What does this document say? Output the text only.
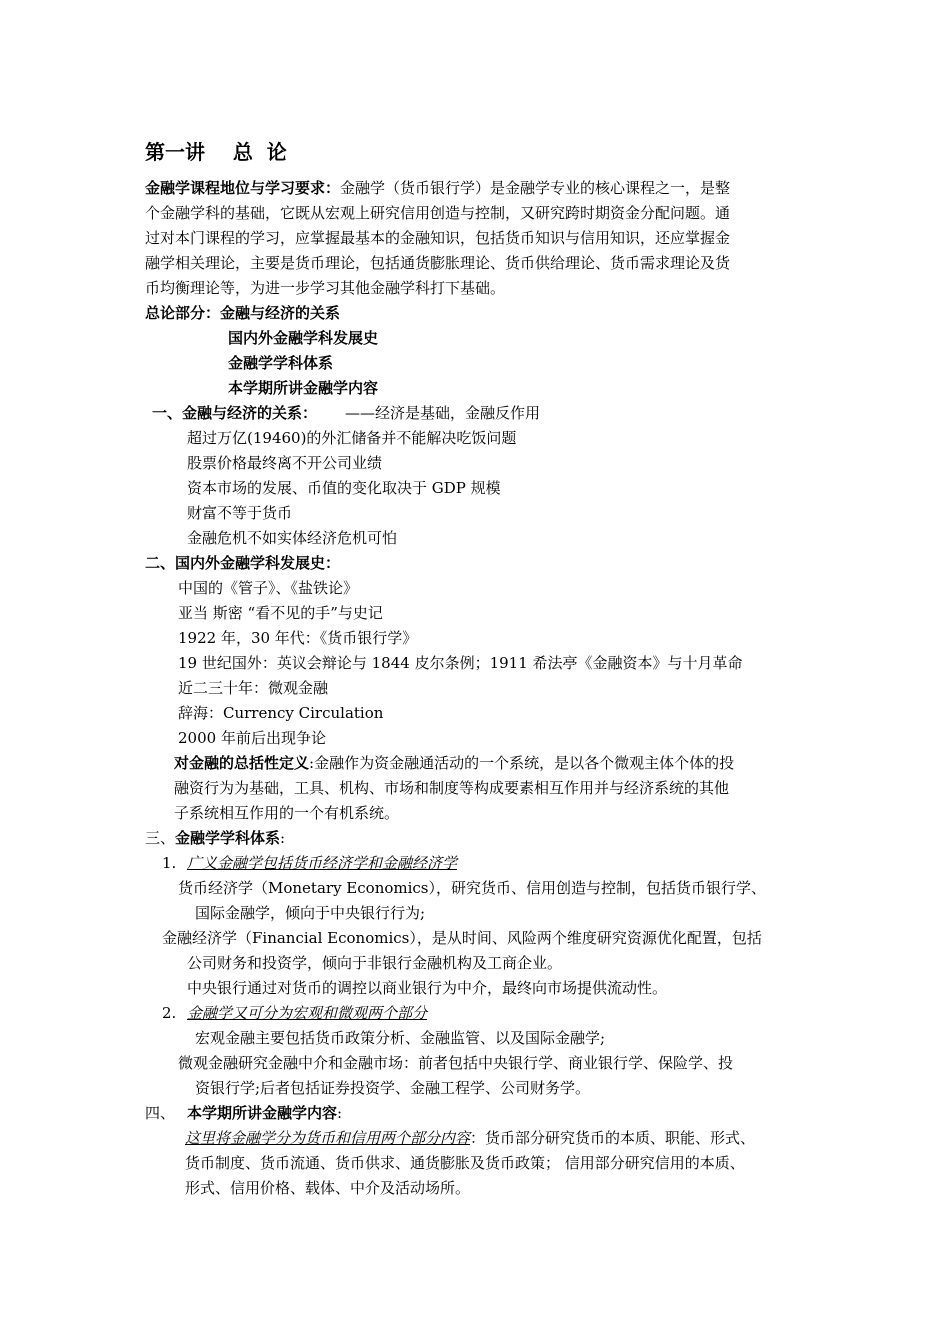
第一讲    总  论
金融学课程地位与学习要求：金融学（货币银行学）是金融学专业的核心课程之一，是整
个金融学科的基础，它既从宏观上研究信用创造与控制，又研究跨时期资金分配问题。通
过对本门课程的学习，应掌握最基本的金融知识，包括货币知识与信用知识，还应掌握金
融学相关理论，主要是货币理论，包括通货膨胀理论、货币供给理论、货币需求理论及货
币均衡理论等，为进一步学习其他金融学科打下基础。
总论部分：金融与经济的关系
国内外金融学科发展史
金融学学科体系
本学期所讲金融学内容
一、金融与经济的关系： ——经济是基础，金融反作用
超过万亿(19460)的外汇储备并不能解决吃饭问题
股票价格最终离不开公司业绩
资本市场的发展、币值的变化取决于 GDP 规模
财富不等于货币
金融危机不如实体经济危机可怕
二、国内外金融学科发展史：
中国的《管子》、《盐铁论》
亚当 斯密 “看不见的手”与史记
1922 年，30 年代：《货币银行学》
19 世纪国外：英议会辩论与 1844 皮尔条例；1911 希法亭《金融资本》与十月革命
近二三十年：微观金融
辞海：Currency Circulation
2000 年前后出现争论
对金融的总括性定义:金融作为资金融通活动的一个系统，是以各个微观主体个体的投
融资行为为基础，工具、机构、市场和制度等构成要素相互作用并与经济系统的其他
子系统相互作用的一个有机系统。
三、金融学学科体系:
1. 广义金融学包括货币经济学和金融经济学
货币经济学（Monetary Economics），研究货币、信用创造与控制，包括货币银行学、
国际金融学，倾向于中央银行行为;
金融经济学（Financial Economics），是从时间、风险两个维度研究资源优化配置，包括
公司财务和投资学，倾向于非银行金融机构及工商企业。
中央银行通过对货币的调控以商业银行为中介，最终向市场提供流动性。
2. 金融学又可分为宏观和微观两个部分
宏观金融主要包括货币政策分析、金融监管、以及国际金融学;
微观金融研究金融中介和金融市场：前者包括中央银行学、商业银行学、保险学、投
资银行学;后者包括证券投资学、金融工程学、公司财务学。
四、 本学期所讲金融学内容:
这里将金融学分为货币和信用两个部分内容：货币部分研究货币的本质、职能、形式、
货币制度、货币流通、货币供求、通货膨胀及货币政策； 信用部分研究信用的本质、
形式、信用价格、载体、中介及活动场所。
